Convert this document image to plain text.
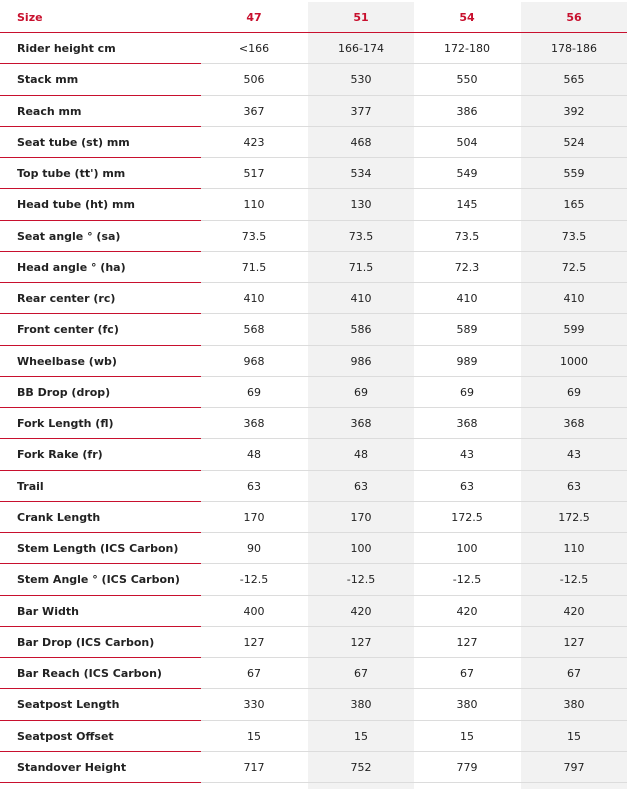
Size	47	51	54	56
Rider height cm	<166	166-174	172-180	178-186
Stack mm	506	530	550	565
Reach mm	367	377	386	392
Seat tube (st) mm	423	468	504	524
Top tube (tt') mm	517	534	549	559
Head tube (ht) mm	110	130	145	165
Seat angle ° (sa)	73.5	73.5	73.5	73.5
Head angle ° (ha)	71.5	71.5	72.3	72.5
Rear center (rc)	410	410	410	410
Front center (fc)	568	586	589	599
Wheelbase (wb)	968	986	989	1000
BB Drop (drop)	69	69	69	69
Fork Length (fl)	368	368	368	368
Fork Rake (fr)	48	48	43	43
Trail	63	63	63	63
Crank Length	170	170	172.5	172.5
Stem Length (ICS Carbon)	90	100	100	110
Stem Angle ° (ICS Carbon)	-12.5	-12.5	-12.5	-12.5
Bar Width	400	420	420	420
Bar Drop (ICS Carbon)	127	127	127	127
Bar Reach (ICS Carbon)	67	67	67	67
Seatpost Length	330	380	380	380
Seatpost Offset	15	15	15	15
Standover Height	717	752	779	797
